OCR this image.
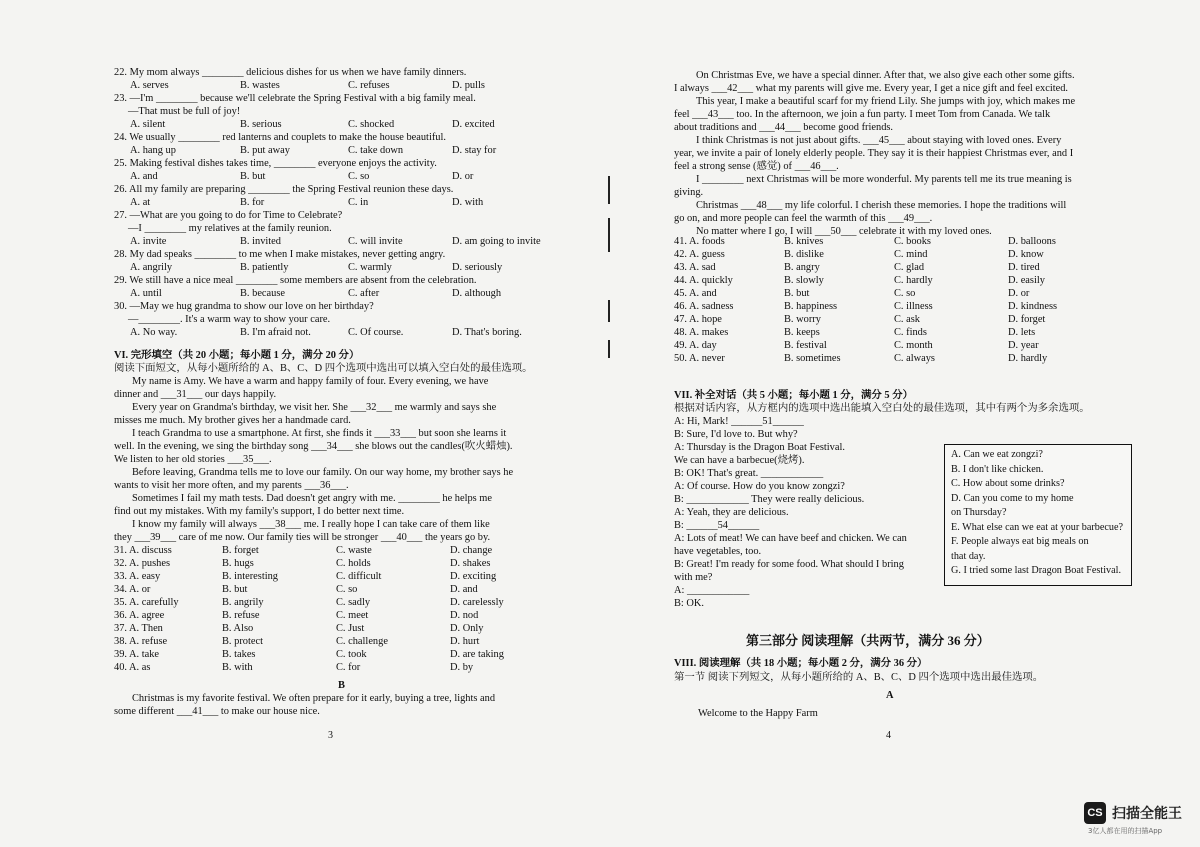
22. My mom always ________ delicious dishes for us when we have family dinners.
A. serves	B. wastes	C. refuses	D. pulls
23. —I'm ________ because we'll celebrate the Spring Festival with a big family meal.
—That must be full of joy!
A. silent	B. serious	C. shocked	D. excited
24. We usually ________ red lanterns and couplets to make the house beautiful.
A. hang up	B. put away	C. take down	D. stay for
25. Making festival dishes takes time, ________ everyone enjoys the activity.
A. and	B. but	C. so	D. or
26. All my family are preparing ________ the Spring Festival reunion these days.
A. at	B. for	C. in	D. with
27. —What are you going to do for Time to Celebrate?
—I ________ my relatives at the family reunion.
A. invite	B. invited	C. will invite	D. am going to invite
28. My dad speaks ________ to me when I make mistakes, never getting angry.
A. angrily	B. patiently	C. warmly	D. seriously
29. We still have a nice meal ________ some members are absent from the celebration.
A. until	B. because	C. after	D. although
30. —May we hug grandma to show our love on her birthday?
—________. It's a warm way to show your care.
A. No way.	B. I'm afraid not.	C. Of course.	D. That's boring.
VI. 完形填空（共 20 小题；每小题 1 分，满分 20 分）
阅读下面短文，从每小题所给的 A、B、C、D 四个选项中选出可以填入空白处的最佳选项。
My name is Amy. We have a warm and happy family of four. Every evening, we have
dinner and ___31___ our days happily.
Every year on Grandma's birthday, we visit her. She ___32___ me warmly and says she
misses me much. My brother gives her a handmade card.
I teach Grandma to use a smartphone. At first, she finds it ___33___ but soon she learns it
well. In the evening, we sing the birthday song ___34___ she blows out the candles(吹火蜡烛).
We listen to her old stories ___35___.
Before leaving, Grandma tells me to love our family. On our way home, my brother says he
wants to visit her more often, and my parents ___36___.
Sometimes I fail my math tests. Dad doesn't get angry with me. ________ he helps me
find out my mistakes. With my family's support, I do better next time.
I know my family will always ___38___ me. I really hope I can take care of them like
they ___39___ care of me now. Our family ties will be stronger ___40___ the years go by.
31. A. discuss	B. forget	C. waste	D. change
32. A. pushes	B. hugs	C. holds	D. shakes
33. A. easy	B. interesting	C. difficult	D. exciting
34. A. or	B. but	C. so	D. and
35. A. carefully	B. angrily	C. sadly	D. carelessly
36. A. agree	B. refuse	C. meet	D. nod
37. A. Then	B. Also	C. Just	D. Only
38. A. refuse	B. protect	C. challenge	D. hurt
39. A. take	B. takes	C. took	D. are taking
40. A. as	B. with	C. for	D. by
B
Christmas is my favorite festival. We often prepare for it early, buying a tree, lights and
some different ___41___ to make our house nice.
3
On Christmas Eve, we have a special dinner. After that, we also give each other some gifts.
I always ___42___ what my parents will give me. Every year, I get a nice gift and feel excited.
This year, I make a beautiful scarf for my friend Lily. She jumps with joy, which makes me
feel ___43___ too. In the afternoon, we join a fun party. I meet Tom from Canada. We talk
about traditions and ___44___ become good friends.
I think Christmas is not just about gifts. ___45___ about staying with loved ones. Every
year, we invite a pair of lonely elderly people. They say it is their happiest Christmas ever, and I
feel a strong sense (感觉) of ___46___.
I ________ next Christmas will be more wonderful. My parents tell me its true meaning is
giving.
Christmas ___48___ my life colorful. I cherish these memories. I hope the traditions will
go on, and more people can feel the warmth of this ___49___.
No matter where I go, I will ___50___ celebrate it with my loved ones.
41. A. foods	B. knives	C. books	D. balloons
42. A. guess	B. dislike	C. mind	D. know
43. A. sad	B. angry	C. glad	D. tired
44. A. quickly	B. slowly	C. hardly	D. easily
45. A. and	B. but	C. so	D. or
46. A. sadness	B. happiness	C. illness	D. kindness
47. A. hope	B. worry	C. ask	D. forget
48. A. makes	B. keeps	C. finds	D. lets
49. A. day	B. festival	C. month	D. year
50. A. never	B. sometimes	C. always	D. hardly
VII. 补全对话（共 5 小题；每小题 1 分，满分 5 分）
根据对话内容，从方框内的选项中选出能填入空白处的最佳选项，其中有两个为多余选项。
A: Hi, Mark! ______51______
B: Sure, I'd love to. But why?
A: Thursday is the Dragon Boat Festival.
We can have a barbecue(烧烤).
B: OK! That's great. ____________
A: Of course. How do you know zongzi?
B: ____________ They were really delicious.
A: Yeah, they are delicious.
B: ______54______
A: Lots of meat! We can have beef and chicken. We can
have vegetables, too.
B: Great! I'm ready for some food. What should I bring
with me?
A: ____________
B: OK.
第三部分 阅读理解（共两节，满分 36 分）
VIII. 阅读理解（共 18 小题；每小题 2 分，满分 36 分）
第一节 阅读下列短文，从每小题所给的 A、B、C、D 四个选项中选出最佳选项。
A
Welcome to the Happy Farm
4
A. Can we eat zongzi?
B. I don't like chicken.
C. How about some drinks?
D. Can you come to my home
on Thursday?
E. What else can we eat at your barbecue?
F. People always eat big meals on
that day.
G. I tried some last Dragon Boat Festival.
CS 扫描全能王
3亿人都在用的扫描App
